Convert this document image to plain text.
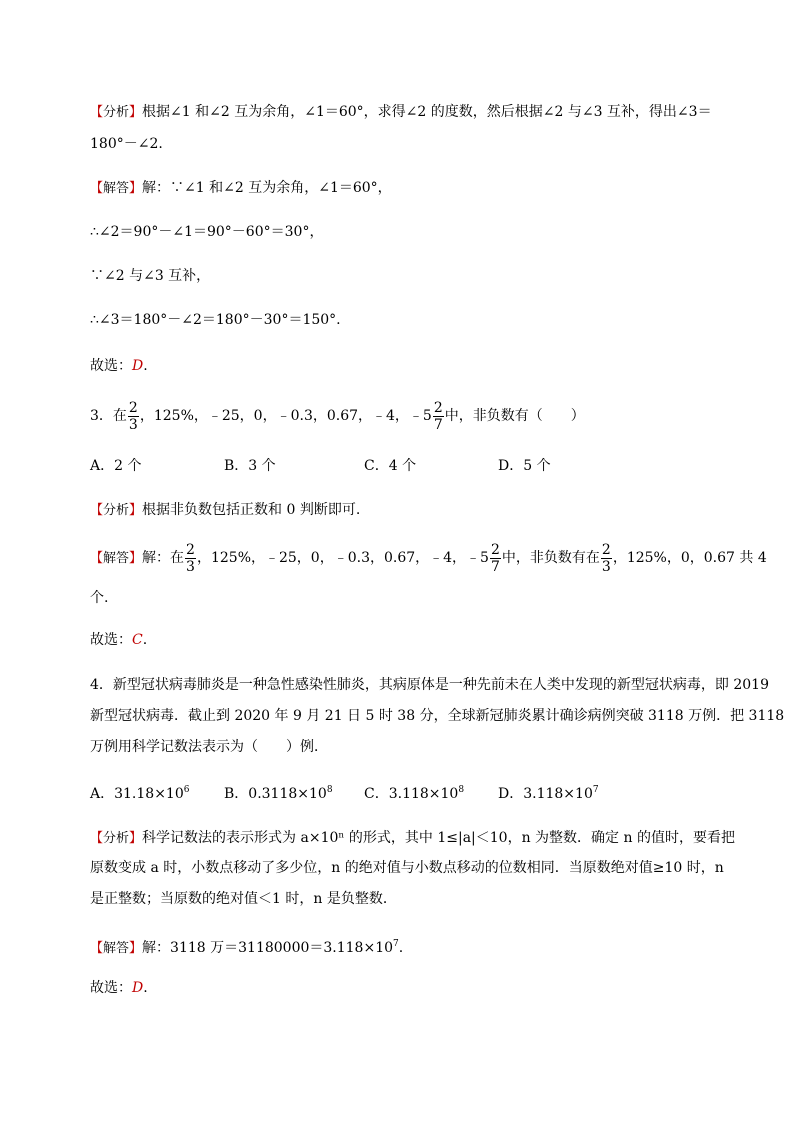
【分析】根据∠1 和∠2 互为余角，∠1＝60°，求得∠2 的度数，然后根据∠2 与∠3 互补，得出∠3＝
180°－∠2.
【解答】解：∵∠1 和∠2 互为余角，∠1＝60°，
∴∠2＝90°－∠1＝90°－60°＝30°，
∵∠2 与∠3 互补，
∴∠3＝180°－∠2＝180°－30°＝150°.
故选：D.
3．在 $\frac{2}{3}$ ，125%，﹣25，0，﹣0.3，0.67，﹣4，﹣5 $\frac{2}{7}$ 中，非负数有（　　）
A．2 个	B．3 个	C．4 个	D．5 个
【分析】根据非负数包括正数和 0 判断即可.
【解答】解：在 $\frac{2}{3}$ ，125%，﹣25，0，﹣0.3，0.67，﹣4，﹣5 $\frac{2}{7}$ 中，非负数有在 $\frac{2}{3}$ ，125%，0，0.67 共 4
个.
故选：C.
4．新型冠状病毒肺炎是一种急性感染性肺炎，其病原体是一种先前未在人类中发现的新型冠状病毒，即 2019
新型冠状病毒．截止到 2020 年 9 月 21 日 5 时 38 分，全球新冠肺炎累计确诊病例突破 3118 万例．把 3118
万例用科学记数法表示为（　　）例．
A．$31.18\times 10^6$ B．$0.3118\times 10^8$ C．$3.118\times 10^8$ D．$3.118\times 10^7$
【分析】科学记数法的表示形式为 a×10ⁿ 的形式，其中 1≤|a|＜10，n 为整数．确定 n 的值时，要看把
原数变成 a 时，小数点移动了多少位，n 的绝对值与小数点移动的位数相同．当原数绝对值≥10 时，n
是正整数；当原数的绝对值＜1 时，n 是负整数．
【解答】解：3118 万$=31180000=3.118\times 10^7$.
故选：D.
